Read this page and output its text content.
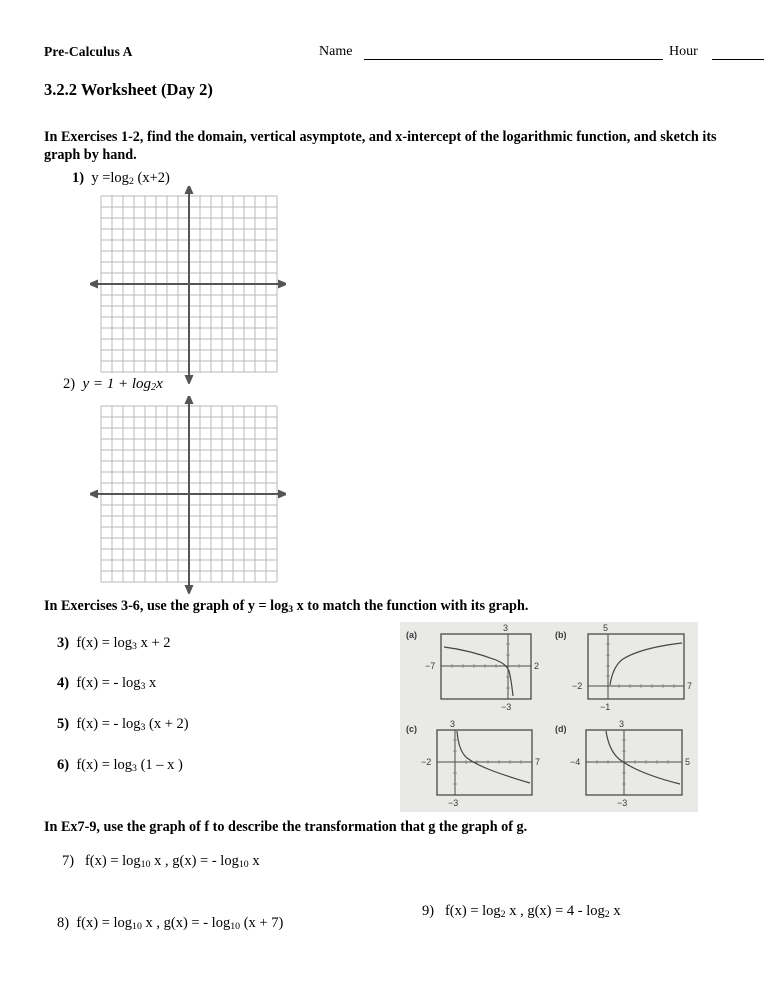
Pre-Calculus A	Name	Hour
3.2.2 Worksheet (Day 2)
In Exercises 1-2, find the domain, vertical asymptote, and x-intercept of the logarithmic function, and sketch its graph by hand.
1)  $y =\log_2$ (x+2)
2)  $y = 1 + \log_2x$
In Exercises 3-6, use the graph of $y = \log_3 x$ to match the function with its graph.
3)  $f(x) = \log_3 x + 2$
4)  f(x) = - $\log_3 x$
5)  f(x) = - $\log_3 (x + 2)$
6)  $f(x) = \log_3 (1 - x$ )
(a)
−7	2
3
−3
(b)
−2	7
5
−1
(c)
−2	7
3
−3
(d)
−4	5
3
−3
In Ex7-9, use the graph of f to describe the transformation that g the graph of g.
7)   $f(x) = \log_{10} x$ , g(x) = - $\log_{10} x$
8)  $f(x) = \log_{10} x$ , g(x) = - $\log_{10} (x + 7)$
9)   $f(x) = \log_2 x$ , $g(x) = 4 - \log_2 x$
